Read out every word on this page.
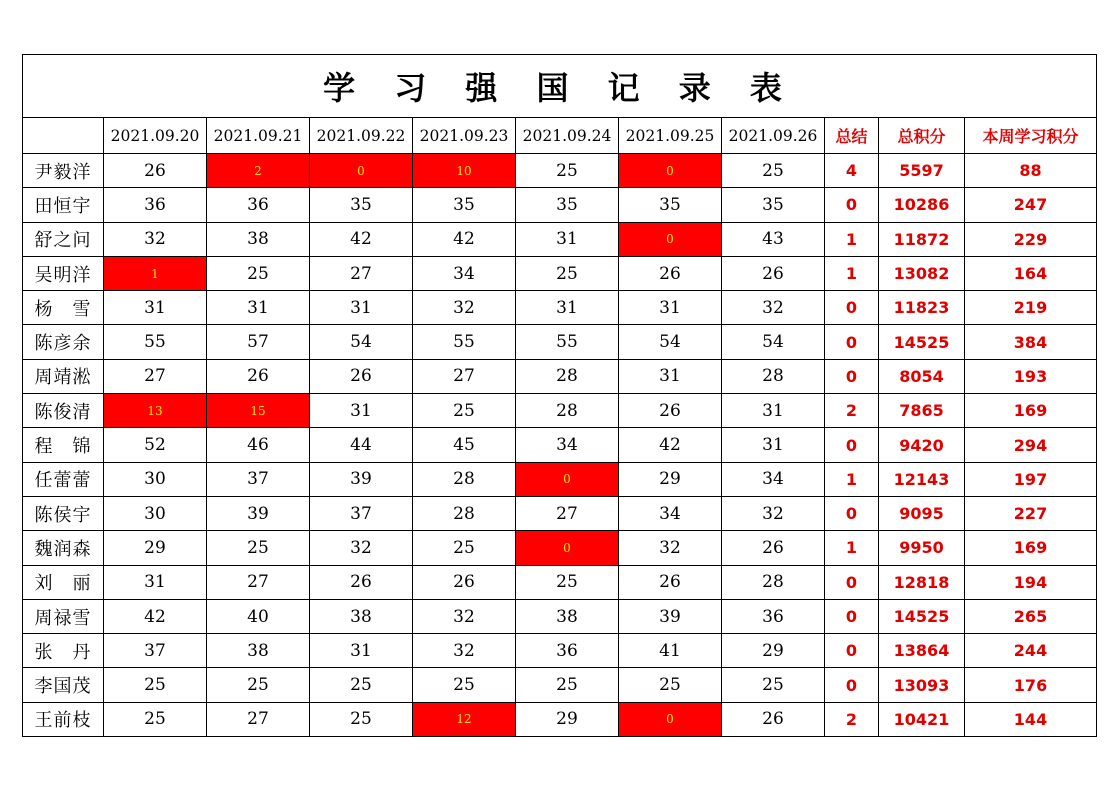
学 习 强 国 记 录 表										
	2021.09.20	2021.09.21	2021.09.22	2021.09.23	2021.09.24	2021.09.25	2021.09.26	总结	总积分	本周学习积分
尹毅洋	26	2	0	10	25	0	25	4	5597	88
田恒宇	36	36	35	35	35	35	35	0	10286	247
舒之问	32	38	42	42	31	0	43	1	11872	229
吴明洋	1	25	27	34	25	26	26	1	13082	164
杨　雪	31	31	31	32	31	31	32	0	11823	219
陈彦余	55	57	54	55	55	54	54	0	14525	384
周靖淞	27	26	26	27	28	31	28	0	8054	193
陈俊清	13	15	31	25	28	26	31	2	7865	169
程　锦	52	46	44	45	34	42	31	0	9420	294
任蕾蕾	30	37	39	28	0	29	34	1	12143	197
陈侯宇	30	39	37	28	27	34	32	0	9095	227
魏润森	29	25	32	25	0	32	26	1	9950	169
刘　丽	31	27	26	26	25	26	28	0	12818	194
周禄雪	42	40	38	32	38	39	36	0	14525	265
张　丹	37	38	31	32	36	41	29	0	13864	244
李国茂	25	25	25	25	25	25	25	0	13093	176
王前枝	25	27	25	12	29	0	26	2	10421	144
